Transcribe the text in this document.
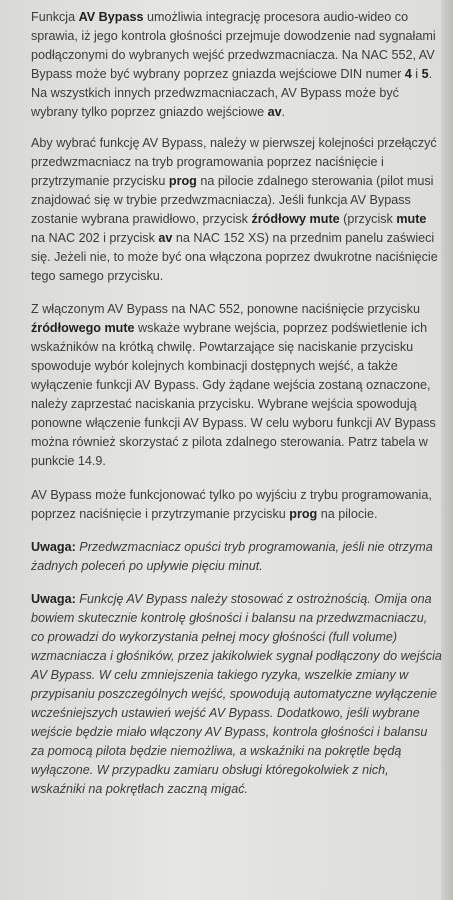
Funkcja AV Bypass umożliwia integrację procesora audio-wideo co sprawia, iż jego kontrola głośności przejmuje dowodzenie nad sygnałami podłączonymi do wybranych wejść przedwzmacniacza. Na NAC 552, AV Bypass może być wybrany poprzez gniazda wejściowe DIN numer 4 i 5. Na wszystkich innych przedwzmacniaczach, AV Bypass może być wybrany tylko poprzez gniazdo wejściowe av.

Aby wybrać funkcję AV Bypass, należy w pierwszej kolejności przełączyć przedwzmacniacz na tryb programowania poprzez naciśnięcie i przytrzymanie przycisku prog na pilocie zdalnego sterowania (pilot musi znajdować się w trybie przedwzmacniacza). Jeśli funkcja AV Bypass zostanie wybrana prawidłowo, przycisk źródłowy mute (przycisk mute na NAC 202 i przycisk av na NAC 152 XS) na przednim panelu zaświeci się. Jeżeli nie, to może być ona włączona poprzez dwukrotne naciśnięcie tego samego przycisku.

Z włączonym AV Bypass na NAC 552, ponowne naciśnięcie przycisku źródłowego mute wskaże wybrane wejścia, poprzez podświetlenie ich wskaźników na krótką chwilę. Powtarzające się naciskanie przycisku spowoduje wybór kolejnych kombinacji dostępnych wejść, a także wyłączenie funkcji AV Bypass. Gdy żądane wejścia zostaną oznaczone, należy zaprzestać naciskania przycisku. Wybrane wejścia spowodują ponowne włączenie funkcji AV Bypass. W celu wyboru funkcji AV Bypass można również skorzystać z pilota zdalnego sterowania. Patrz tabela w punkcie 14.9.

AV Bypass może funkcjonować tylko po wyjściu z trybu programowania, poprzez naciśnięcie i przytrzymanie przycisku prog na pilocie.

Uwaga: Przedwzmacniacz opuści tryb programowania, jeśli nie otrzyma żadnych poleceń po upływie pięciu minut.

Uwaga: Funkcję AV Bypass należy stosować z ostrożnością. Omija ona bowiem skutecznie kontrolę głośności i balansu na przedwzmacniaczu, co prowadzi do wykorzystania pełnej mocy głośności (full volume) wzmacniacza i głośników, przez jakikolwiek sygnał podłączony do wejścia AV Bypass. W celu zmniejszenia takiego ryzyka, wszelkie zmiany w przypisaniu poszczególnych wejść, spowodują automatyczne wyłączenie wcześniejszych ustawień wejść AV Bypass. Dodatkowo, jeśli wybrane wejście będzie miało włączony AV Bypass, kontrola głośności i balansu za pomocą pilota będzie niemożliwa, a wskaźniki na pokrętle będą wyłączone. W przypadku zamiaru obsługi któregokolwiek z nich, wskaźniki na pokrętłach zaczną migać.
